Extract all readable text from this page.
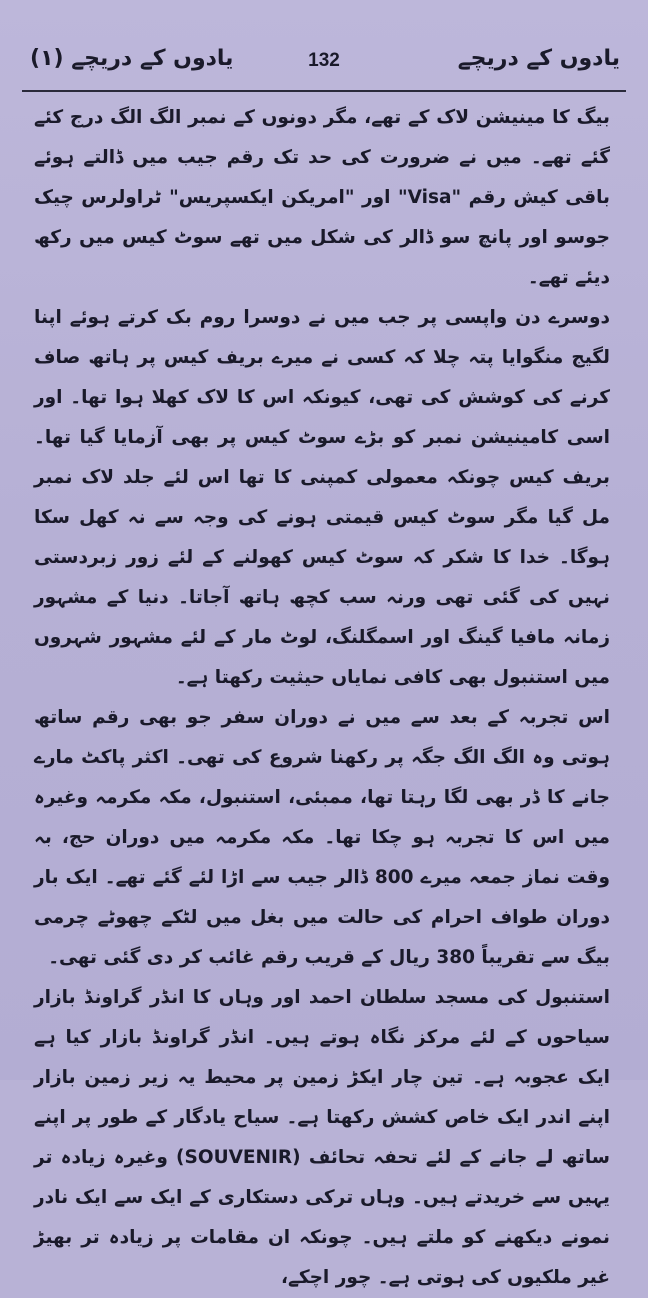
یادوں کے دریچے (۱)	132	یادوں کے دریچے

بیگ کا مینیشن لاک کے تھے، مگر دونوں کے نمبر الگ الگ درج کئے گئے تھے۔ میں نے ضرورت کی حد تک رقم جیب میں ڈالتے ہوئے باقی کیش رقم "Visa" اور "امریکن ایکسپریس" ٹراولرس چیک جوسو اور پانچ سو ڈالر کی شکل میں تھے سوٹ کیس میں رکھ دیئے تھے۔

دوسرے دن واپسی پر جب میں نے دوسرا روم بک کرتے ہوئے اپنا لگیج منگوایا پتہ چلا کہ کسی نے میرے بریف کیس پر ہاتھ صاف کرنے کی کوشش کی تھی، کیونکہ اس کا لاک کھلا ہوا تھا۔ اور اسی کامینیشن نمبر کو بڑے سوٹ کیس پر بھی آزمایا گیا تھا۔ بریف کیس چونکہ معمولی کمپنی کا تھا اس لئے جلد لاک نمبر مل گیا مگر سوٹ کیس قیمتی ہونے کی وجہ سے نہ کھل سکا ہوگا۔ خدا کا شکر کہ سوٹ کیس کھولنے کے لئے زور زبردستی نہیں کی گئی تھی ورنہ سب کچھ ہاتھ آجاتا۔ دنیا کے مشہور زمانہ مافیا گینگ اور اسمگلنگ، لوٹ مار کے لئے مشہور شہروں میں استنبول بھی کافی نمایاں حیثیت رکھتا ہے۔

اس تجربہ کے بعد سے میں نے دوران سفر جو بھی رقم ساتھ ہوتی وہ الگ الگ جگہ پر رکھنا شروع کی تھی۔ اکثر پاکٹ مارے جانے کا ڈر بھی لگا رہتا تھا، ممبئی، استنبول، مکہ مکرمہ وغیرہ میں اس کا تجربہ ہو چکا تھا۔ مکہ مکرمہ میں دوران حج، بہ وقت نماز جمعہ میرے 800 ڈالر جیب سے اڑا لئے گئے تھے۔ ایک بار دوران طواف احرام کی حالت میں بغل میں لٹکے چھوٹے چرمی بیگ سے تقریباً 380 ریال کے قریب رقم غائب کر دی گئی تھی۔

استنبول کی مسجد سلطان احمد اور وہاں کا انڈر گراونڈ بازار سیاحوں کے لئے مرکز نگاہ ہوتے ہیں۔ انڈر گراونڈ بازار کیا ہے ایک عجوبہ ہے۔ تین چار ایکڑ زمین پر محیط یہ زیر زمین بازار اپنے اندر ایک خاص کشش رکھتا ہے۔ سیاح یادگار کے طور پر اپنے ساتھ لے جانے کے لئے تحفہ تحائف (SOUVENIR) وغیرہ زیادہ تر یہیں سے خریدتے ہیں۔ وہاں ترکی دستکاری کے ایک سے ایک نادر نمونے دیکھنے کو ملتے ہیں۔ چونکہ ان مقامات پر زیادہ تر بھیڑ غیر ملکیوں کی ہوتی ہے۔ چور اچکے،
